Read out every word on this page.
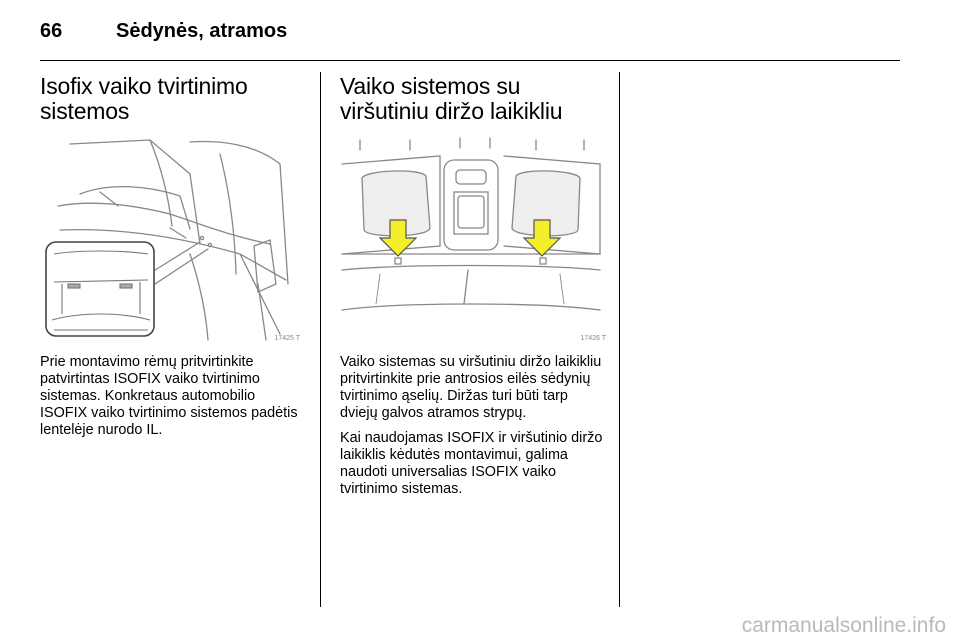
66	Sėdynės, atramos
Isofix vaiko tvirtinimo sistemos
17425 T

Prie montavimo rėmų pritvirtinkite patvirtintas ISOFIX vaiko tvirtinimo sistemas. Konkretaus automobilio ISOFIX vaiko tvirtinimo sistemos padėtis lentelėje nurodo IL.

Vaiko sistemos su viršutiniu diržo laikikliu
17426 T

Vaiko sistemas su viršutiniu diržo laikikliu pritvirtinkite prie antrosios eilės sėdynių tvirtinimo ąselių. Diržas turi būti tarp dviejų galvos atramos strypų.

Kai naudojamas ISOFIX ir viršutinio diržo laikiklis kėdutės montavimui, galima naudoti universalias ISOFIX vaiko tvirtinimo sistemas.

carmanualsonline.info
